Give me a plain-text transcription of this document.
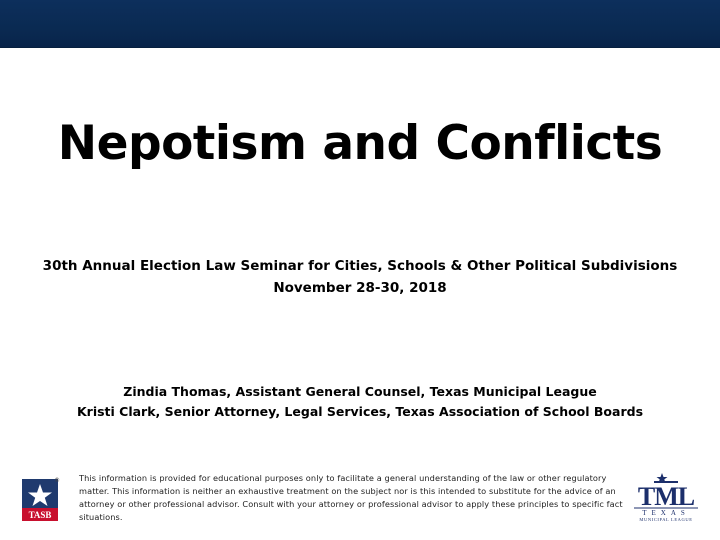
Nepotism and Conflicts
30th Annual Election Law Seminar for Cities, Schools & Other Political Subdivisions
November 28-30, 2018
Zindia Thomas, Assistant General Counsel, Texas Municipal League
Kristi Clark, Senior Attorney, Legal Services, Texas Association of School Boards
This information is provided for educational purposes only to facilitate a general understanding of the law or other regulatory matter. This information is neither an exhaustive treatment on the subject nor is this intended to substitute for the advice of an attorney or other professional advisor. Consult with your attorney or professional advisor to apply these principles to specific fact situations.
TASB
®
TML
TEXAS
MUNICIPAL LEAGUE
